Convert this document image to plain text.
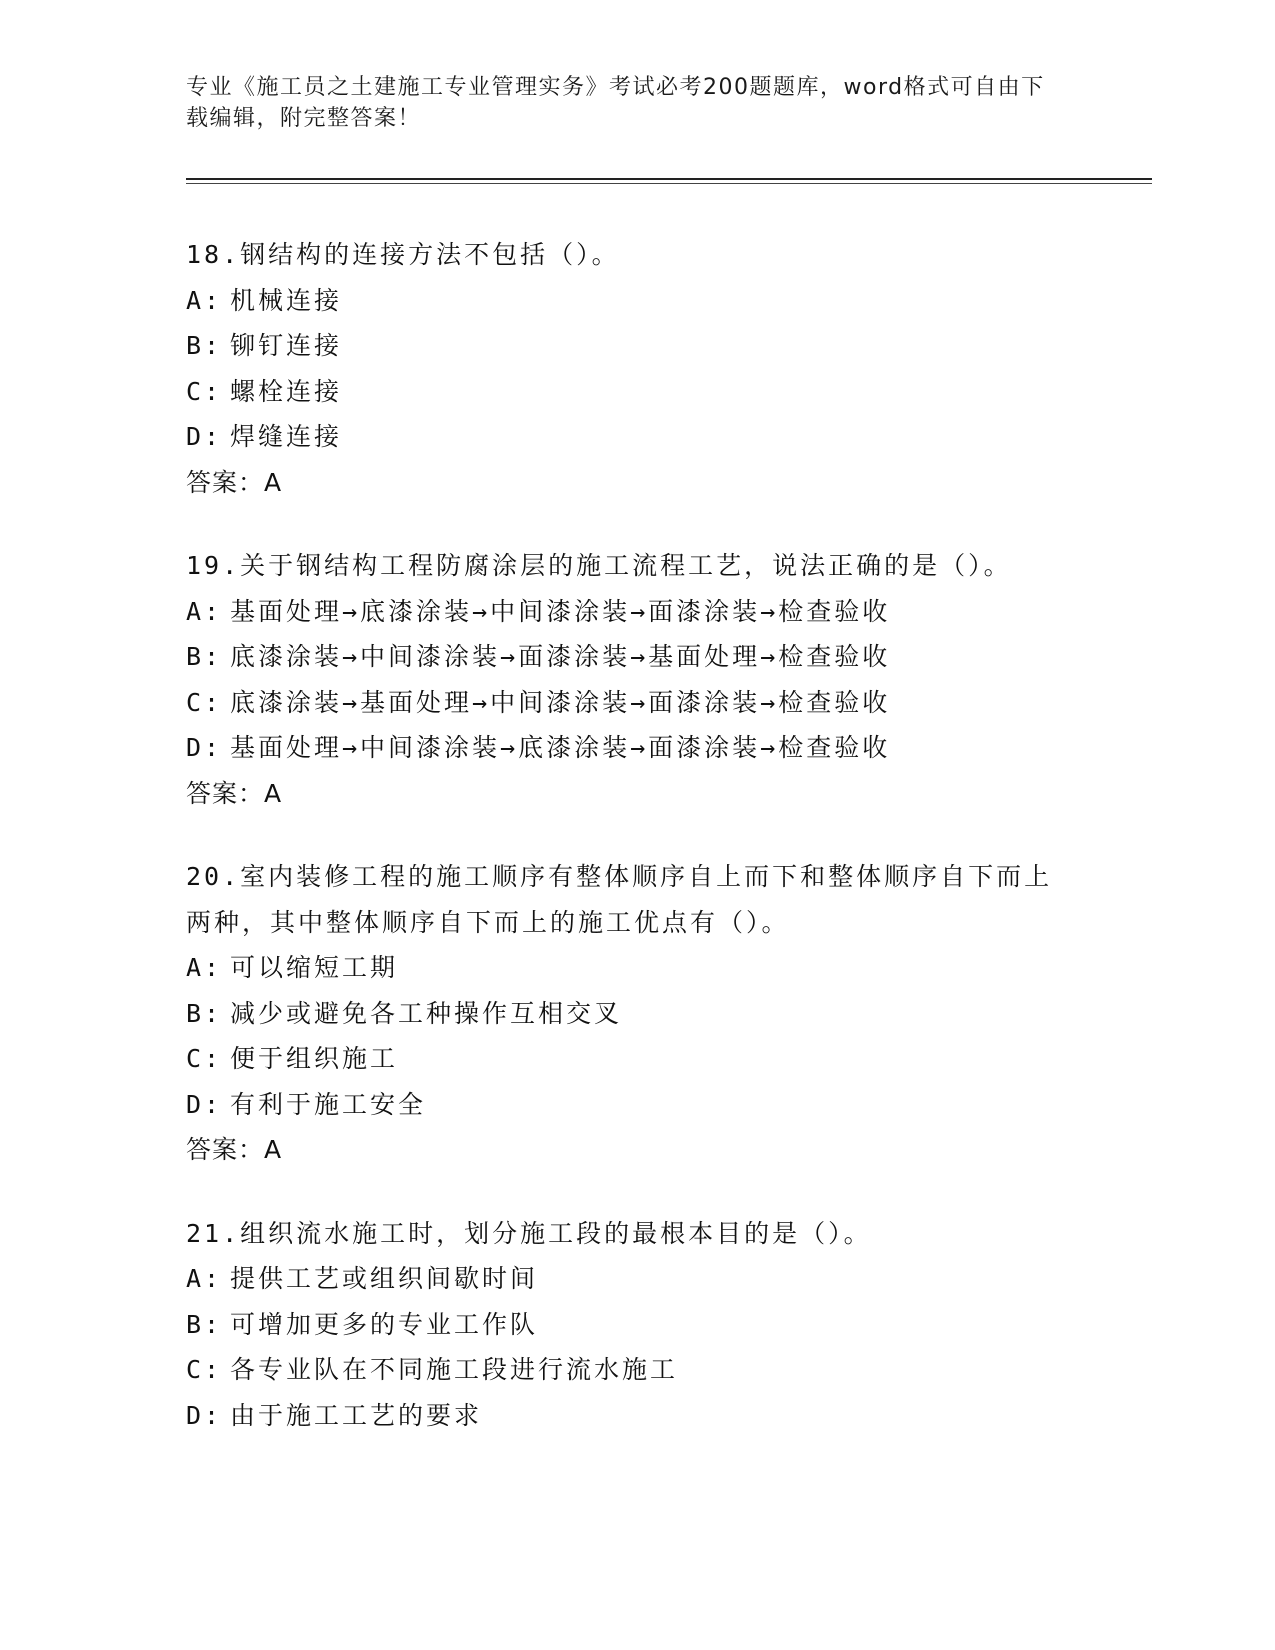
专业《施工员之土建施工专业管理实务》考试必考200题题库，word格式可自由下载编辑，附完整答案！
18.钢结构的连接方法不包括（）。
A: 机械连接
B: 铆钉连接
C: 螺栓连接
D: 焊缝连接
答案：A
19.关于钢结构工程防腐涂层的施工流程工艺，说法正确的是（）。
A: 基面处理→底漆涂装→中间漆涂装→面漆涂装→检查验收
B: 底漆涂装→中间漆涂装→面漆涂装→基面处理→检查验收
C: 底漆涂装→基面处理→中间漆涂装→面漆涂装→检查验收
D: 基面处理→中间漆涂装→底漆涂装→面漆涂装→检查验收
答案：A
20.室内装修工程的施工顺序有整体顺序自上而下和整体顺序自下而上两种，其中整体顺序自下而上的施工优点有（）。
A: 可以缩短工期
B: 减少或避免各工种操作互相交叉
C: 便于组织施工
D: 有利于施工安全
答案：A
21.组织流水施工时，划分施工段的最根本目的是（）。
A: 提供工艺或组织间歇时间
B: 可增加更多的专业工作队
C: 各专业队在不同施工段进行流水施工
D: 由于施工工艺的要求
